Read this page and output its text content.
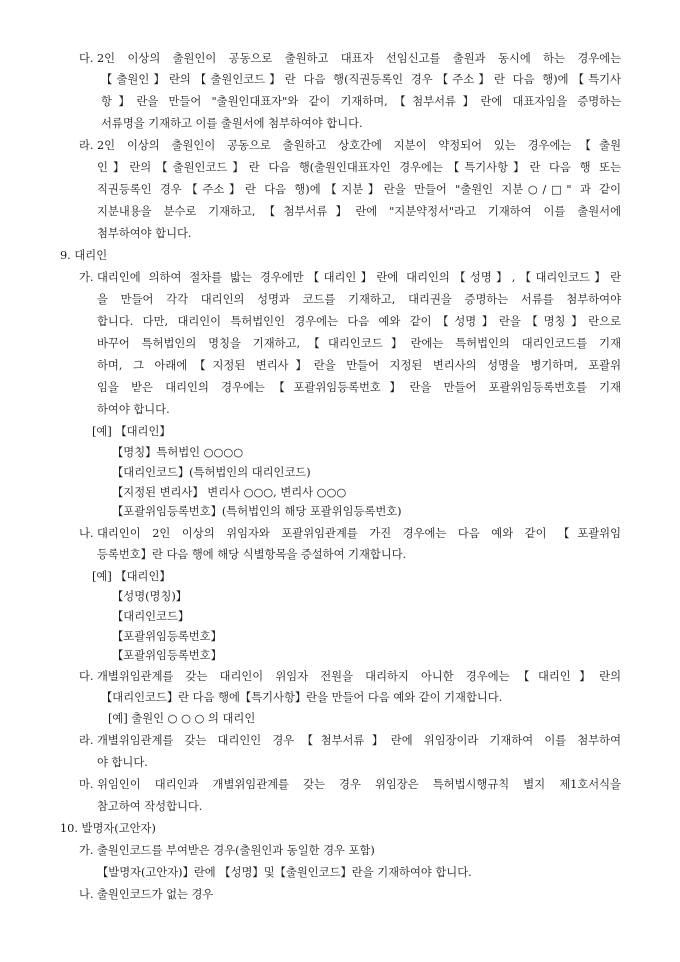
다. 2인 이상의 출원인이 공동으로 출원하고 대표자 선임신고를 출원과 동시에 하는 경우에는
【출원인】란의【출원인코드】란 다음 행(직권등록인 경우【주소】란 다음 행)에【특기사
항】란을 만들어 "출원인대표자"와 같이 기재하며,【첨부서류】란에 대표자임을 증명하는
서류명을 기재하고 이를 출원서에 첨부하여야 합니다.
라. 2인 이상의 출원인이 공동으로 출원하고 상호간에 지분이 약정되어 있는 경우에는【출원
인】란의【출원인코드】란 다음 행(출원인대표자인 경우에는【특기사항】란 다음 행 또는
직권등록인 경우【주소】란 다음 행)에【지분】란을 만들어 "출원인 지분○/□" 과 같이
지분내용을 분수로 기재하고,【첨부서류】란에 "지분약정서"라고 기재하여 이를 출원서에
첨부하여야 합니다.
9. 대리인
가. 대리인에 의하여 절차를 밟는 경우에만【대리인】란에 대리인의【성명】,【대리인코드】란
을 만들어 각각 대리인의 성명과 코드를 기재하고, 대리권을 증명하는 서류를 첨부하여야
합니다. 다만, 대리인이 특허법인인 경우에는 다음 예와 같이【성명】란을【명칭】란으로
바꾸어 특허법인의 명칭을 기재하고,【대리인코드】란에는 특허법인의 대리인코드를 기재
하며, 그 아래에【지정된 변리사】란을 만들어 지정된 변리사의 성명을 병기하며, 포괄위
임을 받은 대리인의 경우에는【포괄위임등록번호】란을 만들어 포괄위임등록번호를 기재
하여야 합니다.
[예] 【대리인】
【명칭】특허법인 ○○○○
【대리인코드】(특허법인의 대리인코드)
【지정된 변리사】 변리사 ○○○, 변리사 ○○○
【포괄위임등록번호】(특허법인의 해당 포괄위임등록번호)
나. 대리인이 2인 이상의 위임자와 포괄위임관계를 가진 경우에는 다음 예와 같이 【포괄위임
등록번호】란 다음 행에 해당 식별항목을 증설하여 기재합니다.
[예] 【대리인】
【성명(명칭)】
【대리인코드】
【포괄위임등록번호】
【포괄위임등록번호】
다. 개별위임관계를 갖는 대리인이 위임자 전원을 대리하지 아니한 경우에는【대리인】란의
【대리인코드】란 다음 행에【특기사항】란을 만들어 다음 예와 같이 기재합니다.
[예] 출원인 ○ ○ ○ 의 대리인
라. 개별위임관계를 갖는 대리인인 경우【첨부서류】란에 위임장이라 기재하여 이를 첨부하여
야 합니다.
마. 위임인이 대리인과 개별위임관계를 갖는 경우 위임장은 특허법시행규칙 별지 제1호서식을
참고하여 작성합니다.
10. 발명자(고안자)
가. 출원인코드를 부여받은 경우(출원인과 동일한 경우 포함)
【발명자(고안자)】란에 【성명】및【출원인코드】란을 기재하여야 합니다.
나. 출원인코드가 없는 경우
